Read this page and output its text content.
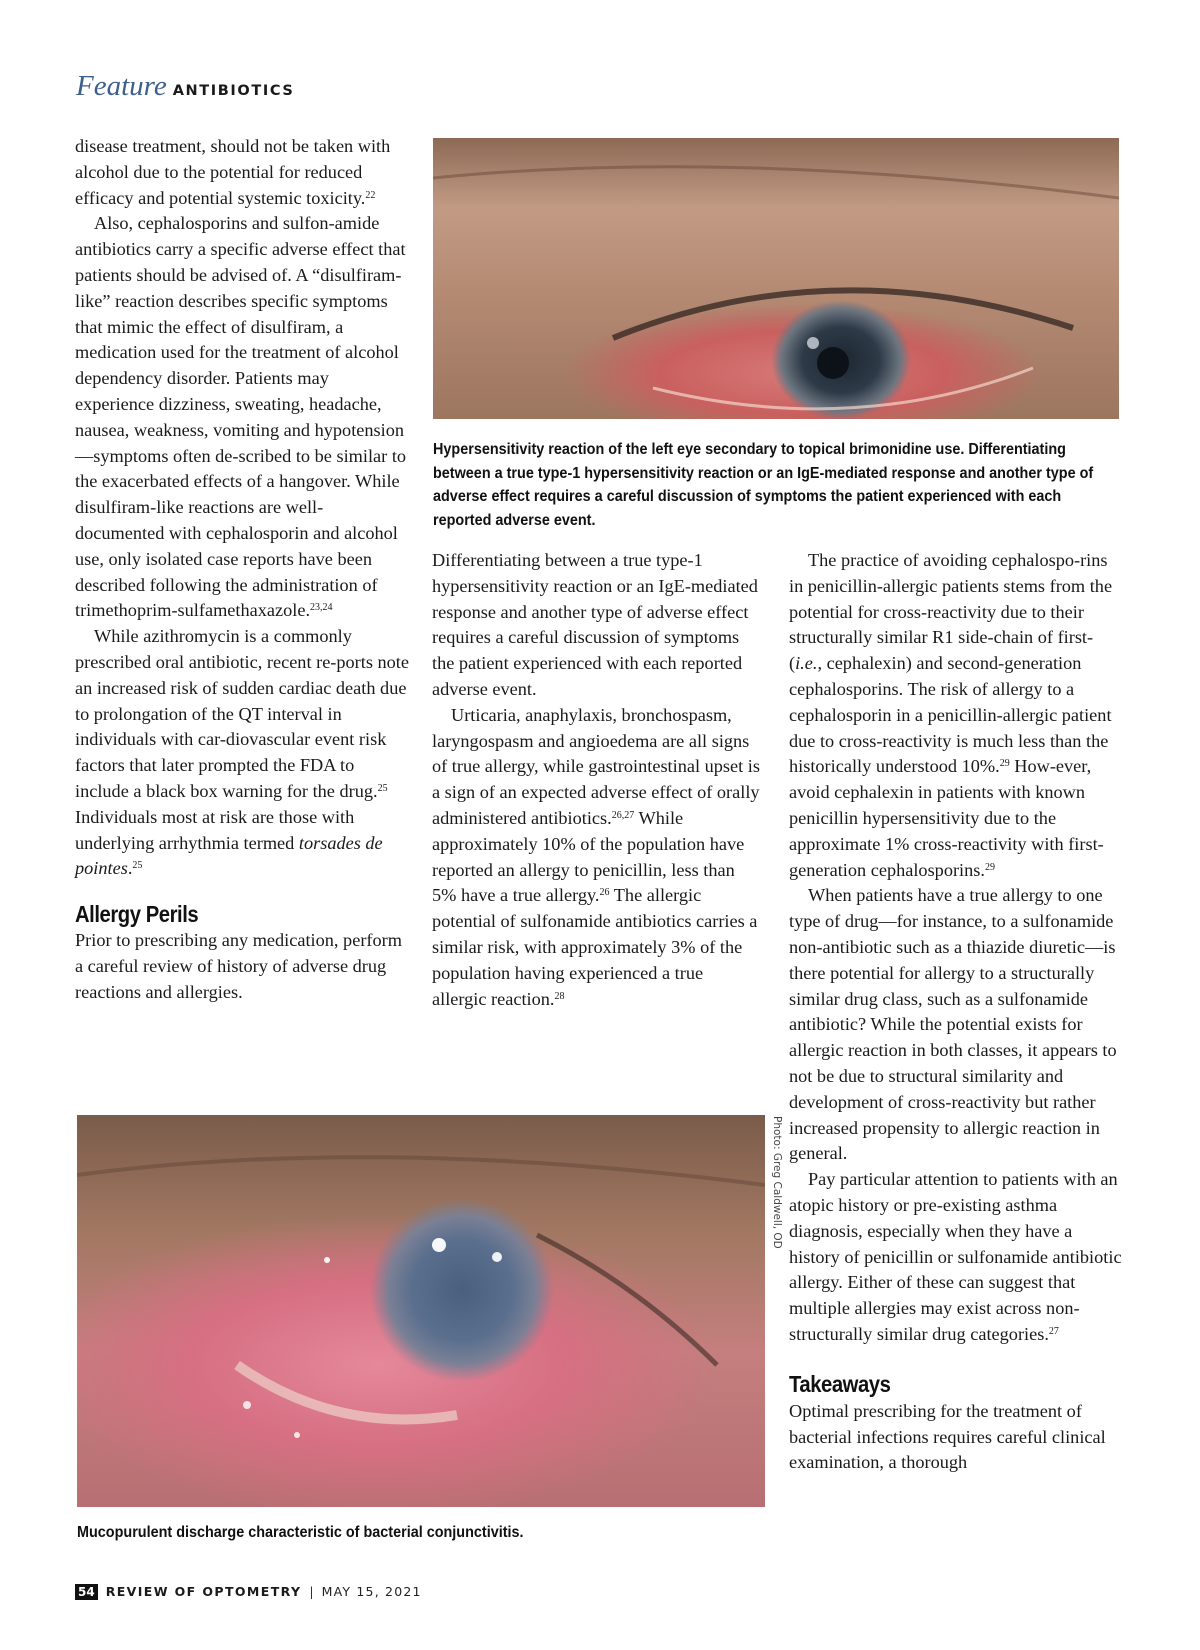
Feature ANTIBIOTICS

disease treatment, should not be taken with alcohol due to the potential for reduced efficacy and potential systemic toxicity.$^{22}$

Also, cephalosporins and sulfon-amide antibiotics carry a specific adverse effect that patients should be advised of. A “disulfiram-like” reaction describes specific symptoms that mimic the effect of disulfiram, a medication used for the treatment of alcohol dependency disorder. Patients may experience dizziness, sweating, headache, nausea, weakness, vomiting and hypotension—symptoms often de-scribed to be similar to the exacerbated effects of a hangover. While disulfiram-like reactions are well-documented with cephalosporin and alcohol use, only isolated case reports have been described following the administration of trimethoprim-sulfamethaxazole.$^{23,24}$

While azithromycin is a commonly prescribed oral antibiotic, recent re-ports note an increased risk of sudden cardiac death due to prolongation of the QT interval in individuals with car-diovascular event risk factors that later prompted the FDA to include a black box warning for the drug.$^{25}$ Individuals most at risk are those with underlying arrhythmia termed torsades de pointes.$^{25}$

Allergy Perils

Prior to prescribing any medication, perform a careful review of history of adverse drug reactions and allergies.

Hypersensitivity reaction of the left eye secondary to topical brimonidine use. Differentiating between a true type-1 hypersensitivity reaction or an IgE-mediated response and another type of adverse effect requires a careful discussion of symptoms the patient experienced with each reported adverse event.

Differentiating between a true type-1 hypersensitivity reaction or an IgE-mediated response and another type of adverse effect requires a careful discussion of symptoms the patient experienced with each reported adverse event.

Urticaria, anaphylaxis, bronchospasm, laryngospasm and angioedema are all signs of true allergy, while gastrointestinal upset is a sign of an expected adverse effect of orally administered antibiotics.$^{26,27}$ While approximately 10% of the population have reported an allergy to penicillin, less than 5% have a true allergy.$^{26}$ The allergic potential of sulfonamide antibiotics carries a similar risk, with approximately 3% of the population having experienced a true allergic reaction.$^{28}$

The practice of avoiding cephalospo-rins in penicillin-allergic patients stems from the potential for cross-reactivity due to their structurally similar R1 side-chain of first- (i.e., cephalexin) and second-generation cephalosporins. The risk of allergy to a cephalosporin in a penicillin-allergic patient due to cross-reactivity is much less than the historically understood 10%.$^{29}$ How-ever, avoid cephalexin in patients with known penicillin hypersensitivity due to the approximate 1% cross-reactivity with first-generation cephalosporins.$^{29}$

When patients have a true allergy to one type of drug—for instance, to a sulfonamide non-antibiotic such as a thiazide diuretic—is there potential for allergy to a structurally similar drug class, such as a sulfonamide antibiotic? While the potential exists for allergic reaction in both classes, it appears to not be due to structural similarity and development of cross-reactivity but rather increased propensity to allergic reaction in general.

Pay particular attention to patients with an atopic history or pre-existing asthma diagnosis, especially when they have a history of penicillin or sulfonamide antibiotic allergy. Either of these can suggest that multiple allergies may exist across non-structurally similar drug categories.$^{27}$

Takeaways

Optimal prescribing for the treatment of bacterial infections requires careful clinical examination, a thorough

Photo: Greg Caldwell, OD
Mucopurulent discharge characteristic of bacterial conjunctivitis.
54 REVIEW OF OPTOMETRY | MAY 15, 2021
